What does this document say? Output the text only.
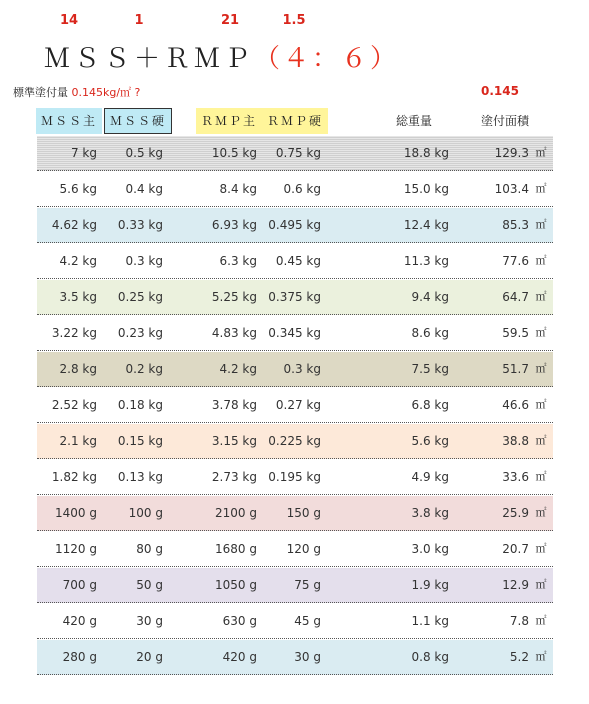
14	1	21	1.5
ＭＳＳ＋ＲＭＰ（４：６）
標準塗付量 0.145kg/㎡ ?	0.145
ＭＳＳ主	ＭＳＳ硬	ＲＭＰ主 ＲＭＰ硬	総重量	塗付面積
7 kg	0.5 kg	10.5 kg	0.75 kg	18.8 kg	129.3 ㎡
5.6 kg	0.4 kg	8.4 kg	0.6 kg	15.0 kg	103.4 ㎡
4.62 kg	0.33 kg	6.93 kg 0.495 kg	12.4 kg	85.3 ㎡
4.2 kg	0.3 kg	6.3 kg	0.45 kg	11.3 kg	77.6 ㎡
3.5 kg	0.25 kg	5.25 kg 0.375 kg	9.4 kg	64.7 ㎡
3.22 kg	0.23 kg	4.83 kg 0.345 kg	8.6 kg	59.5 ㎡
2.8 kg	0.2 kg	4.2 kg	0.3 kg	7.5 kg	51.7 ㎡
2.52 kg	0.18 kg	3.78 kg	0.27 kg	6.8 kg	46.6 ㎡
2.1 kg	0.15 kg	3.15 kg 0.225 kg	5.6 kg	38.8 ㎡
1.82 kg	0.13 kg	2.73 kg 0.195 kg	4.9 kg	33.6 ㎡
1400 g	100 g	2100 g	150 g	3.8 kg	25.9 ㎡
1120 g	80 g	1680 g	120 g	3.0 kg	20.7 ㎡
700 g	50 g	1050 g	75 g	1.9 kg	12.9 ㎡
420 g	30 g	630 g	45 g	1.1 kg	7.8 ㎡
280 g	20 g	420 g	30 g	0.8 kg	5.2 ㎡
